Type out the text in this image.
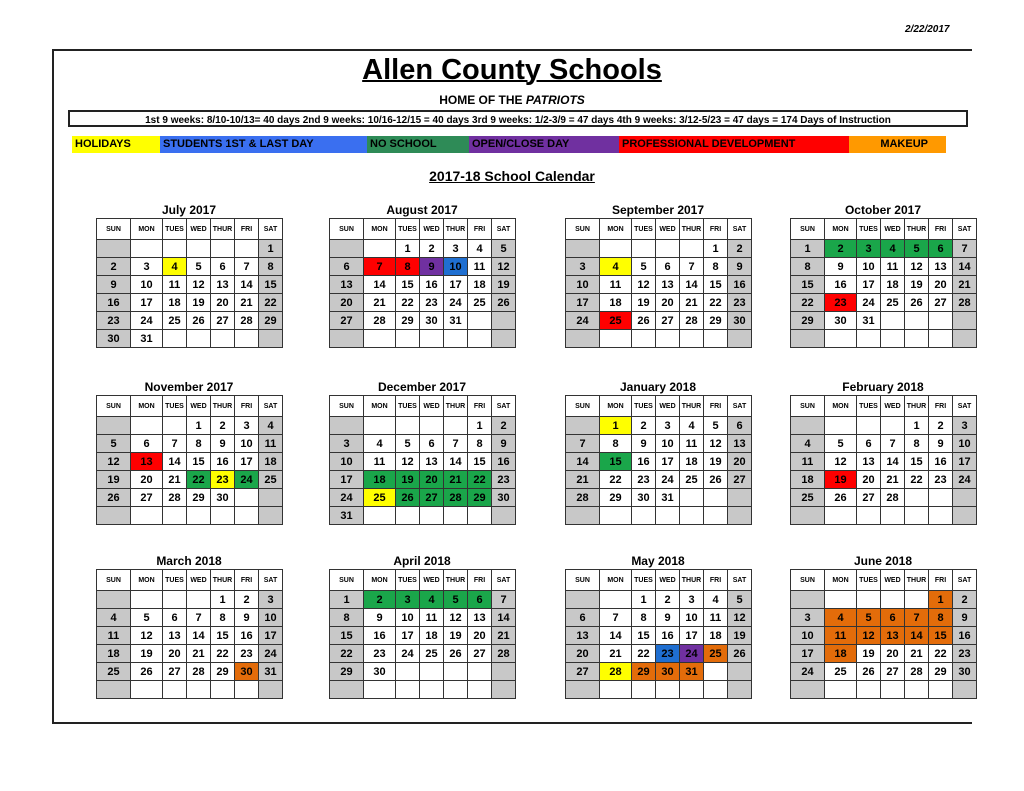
2/22/2017
Allen County Schools
HOME OF THE PATRIOTS
1st 9 weeks: 8/10-10/13= 40 days 2nd 9 weeks: 10/16-12/15 = 40 days 3rd 9 weeks: 1/2-3/9 = 47 days 4th 9 weeks: 3/12-5/23 = 47 days = 174 Days of Instruction
HOLIDAYS	STUDENTS 1ST & LAST DAY	NO SCHOOL	OPEN/CLOSE DAY	PROFESSIONAL DEVELOPMENT	MAKEUP
2017-18 School Calendar
July 2017
SUN	MON	TUES	WED	THUR	FRI	SAT
						1
2	3	4	5	6	7	8
9	10	11	12	13	14	15
16	17	18	19	20	21	22
23	24	25	26	27	28	29
30	31					
August 2017
SUN	MON	TUES	WED	THUR	FRI	SAT
		1	2	3	4	5
6	7	8	9	10	11	12
13	14	15	16	17	18	19
20	21	22	23	24	25	26
27	28	29	30	31		

September 2017
SUN	MON	TUES	WED	THUR	FRI	SAT
					1	2
3	4	5	6	7	8	9
10	11	12	13	14	15	16
17	18	19	20	21	22	23
24	25	26	27	28	29	30

October 2017
SUN	MON	TUES	WED	THUR	FRI	SAT
1	2	3	4	5	6	7
8	9	10	11	12	13	14
15	16	17	18	19	20	21
22	23	24	25	26	27	28
29	30	31				

November 2017
SUN	MON	TUES	WED	THUR	FRI	SAT
			1	2	3	4
5	6	7	8	9	10	11
12	13	14	15	16	17	18
19	20	21	22	23	24	25
26	27	28	29	30		

December 2017
SUN	MON	TUES	WED	THUR	FRI	SAT
					1	2
3	4	5	6	7	8	9
10	11	12	13	14	15	16
17	18	19	20	21	22	23
24	25	26	27	28	29	30
31						
January 2018
SUN	MON	TUES	WED	THUR	FRI	SAT
	1	2	3	4	5	6
7	8	9	10	11	12	13
14	15	16	17	18	19	20
21	22	23	24	25	26	27
28	29	30	31			

February 2018
SUN	MON	TUES	WED	THUR	FRI	SAT
				1	2	3
4	5	6	7	8	9	10
11	12	13	14	15	16	17
18	19	20	21	22	23	24
25	26	27	28			

March 2018
SUN	MON	TUES	WED	THUR	FRI	SAT
				1	2	3
4	5	6	7	8	9	10
11	12	13	14	15	16	17
18	19	20	21	22	23	24
25	26	27	28	29	30	31

April 2018
SUN	MON	TUES	WED	THUR	FRI	SAT
1	2	3	4	5	6	7
8	9	10	11	12	13	14
15	16	17	18	19	20	21
22	23	24	25	26	27	28
29	30					

May 2018
SUN	MON	TUES	WED	THUR	FRI	SAT
		1	2	3	4	5
6	7	8	9	10	11	12
13	14	15	16	17	18	19
20	21	22	23	24	25	26
27	28	29	30	31		

June 2018
SUN	MON	TUES	WED	THUR	FRI	SAT
					1	2
3	4	5	6	7	8	9
10	11	12	13	14	15	16
17	18	19	20	21	22	23
24	25	26	27	28	29	30
